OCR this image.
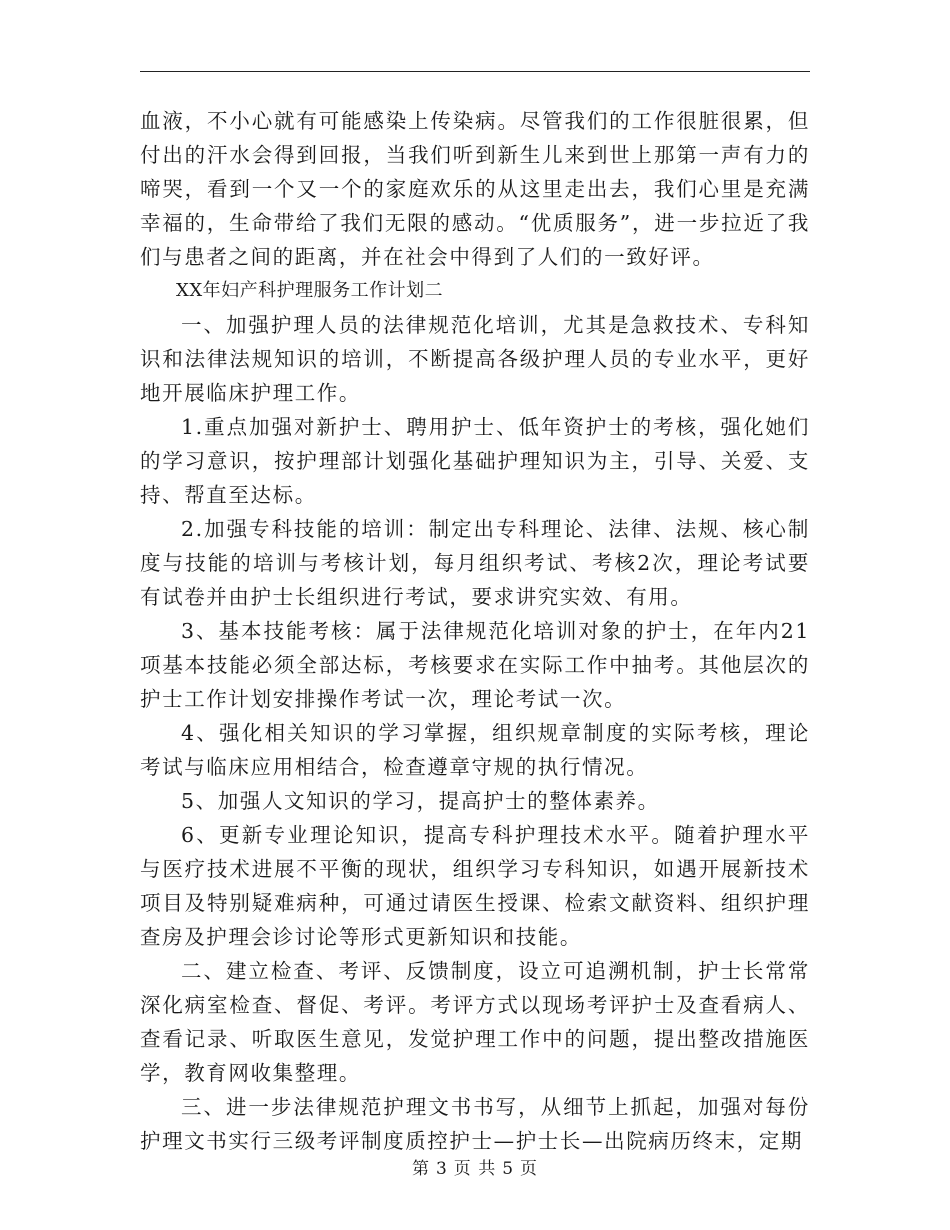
血液，不小心就有可能感染上传染病。尽管我们的工作很脏很累，但付出的汗水会得到回报，当我们听到新生儿来到世上那第一声有力的啼哭，看到一个又一个的家庭欢乐的从这里走出去，我们心里是充满幸福的，生命带给了我们无限的感动。“优质服务”，进一步拉近了我们与患者之间的距离，并在社会中得到了人们的一致好评。

XX年妇产科护理服务工作计划二

一、加强护理人员的法律规范化培训，尤其是急救技术、专科知识和法律法规知识的培训，不断提高各级护理人员的专业水平，更好地开展临床护理工作。

1.重点加强对新护士、聘用护士、低年资护士的考核，强化她们的学习意识，按护理部计划强化基础护理知识为主，引导、关爱、支持、帮直至达标。

2.加强专科技能的培训：制定出专科理论、法律、法规、核心制度与技能的培训与考核计划，每月组织考试、考核2次，理论考试要有试卷并由护士长组织进行考试，要求讲究实效、有用。

3、基本技能考核：属于法律规范化培训对象的护士，在年内21项基本技能必须全部达标，考核要求在实际工作中抽考。其他层次的护士工作计划安排操作考试一次，理论考试一次。

4、强化相关知识的学习掌握，组织规章制度的实际考核，理论考试与临床应用相结合，检查遵章守规的执行情况。

5、加强人文知识的学习，提高护士的整体素养。

6、更新专业理论知识，提高专科护理技术水平。随着护理水平与医疗技术进展不平衡的现状，组织学习专科知识，如遇开展新技术项目及特别疑难病种，可通过请医生授课、检索文献资料、组织护理查房及护理会诊讨论等形式更新知识和技能。

二、建立检查、考评、反馈制度，设立可追溯机制，护士长常常深化病室检查、督促、考评。考评方式以现场考评护士及查看病人、查看记录、听取医生意见，发觉护理工作中的问题，提出整改措施医学，教育网收集整理。

三、进一步法律规范护理文书书写，从细节上抓起，加强对每份护理文书实行三级考评制度质控护士—护士长—出院病历终末，定期

第 3 页 共 5 页
